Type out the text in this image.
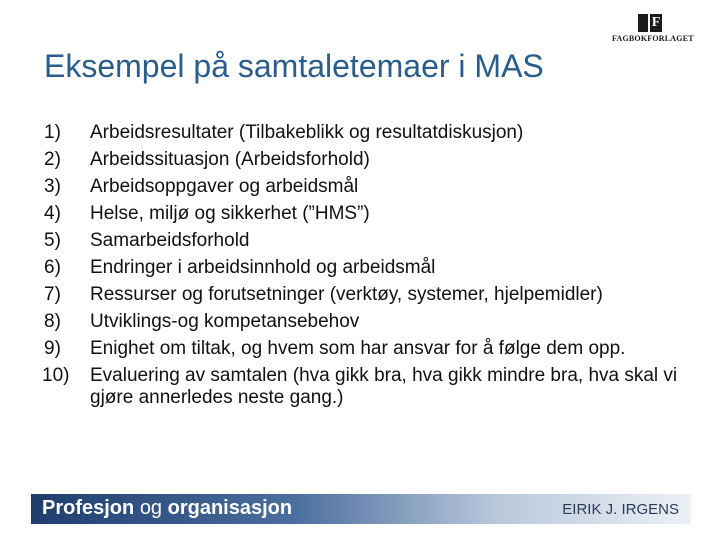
F
FAGBOKFORLAGET
Eksempel på samtaletemaer i MAS
1)	Arbeidsresultater (Tilbakeblikk og resultatdiskusjon)
2)	Arbeidssituasjon (Arbeidsforhold)
3)	Arbeidsoppgaver og arbeidsmål
4)	Helse, miljø og sikkerhet (”HMS”)
5)	Samarbeidsforhold
6)	Endringer i arbeidsinnhold og arbeidsmål
7)	Ressurser og forutsetninger (verktøy, systemer, hjelpemidler)
8)	Utviklings-og kompetansebehov
9)	Enighet om tiltak, og hvem som har ansvar for å følge dem opp.
10)	Evaluering av samtalen (hva gikk bra, hva gikk mindre bra, hva skal vi gjøre annerledes neste gang.)
Profesjon og organisasjon	EIRIK J. IRGENS
